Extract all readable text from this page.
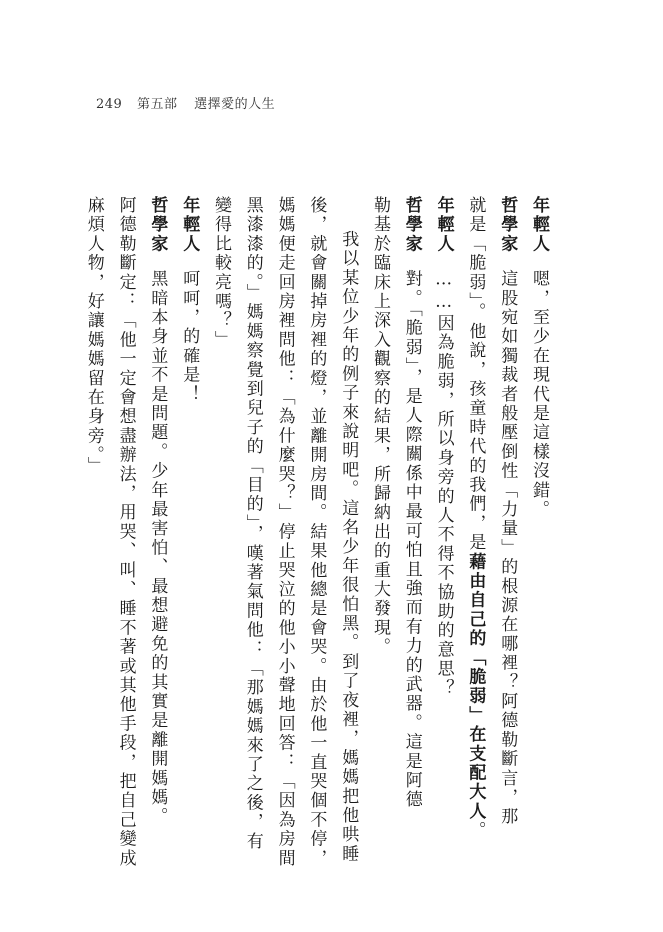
249 第五部 選擇愛的人生
年輕人嗯，至少在現代是這樣沒錯。
哲學家這股宛如獨裁者般壓倒性「力量」的根源在哪裡？阿德勒斷言，那
就是「脆弱」。他說，孩童時代的我們，是藉由自己的「脆弱」在支配大人。
年輕人……因為脆弱，所以身旁的人不得不協助的意思？
哲學家對。「脆弱」，是人際關係中最可怕且強而有力的武器。這是阿德
勒基於臨床上深入觀察的結果，所歸納出的重大發現。
我以某位少年的例子來說明吧。這名少年很怕黑。到了夜裡，媽媽把他哄睡
後，就會關掉房裡的燈，並離開房間。結果他總是會哭。由於他一直哭個不停，
媽媽便走回房裡問他：「為什麼哭？」停止哭泣的他小小聲地回答：「因為房間
黑漆漆的。」媽媽察覺到兒子的「目的」，嘆著氣問他：「那媽媽來了之後，有
變得比較亮嗎？」
年輕人呵呵，的確是！
哲學家黑暗本身並不是問題。少年最害怕、最想避免的其實是離開媽媽。
阿德勒斷定：「他一定會想盡辦法，用哭、叫、睡不著或其他手段，把自己變成
麻煩人物，好讓媽媽留在身旁。」
